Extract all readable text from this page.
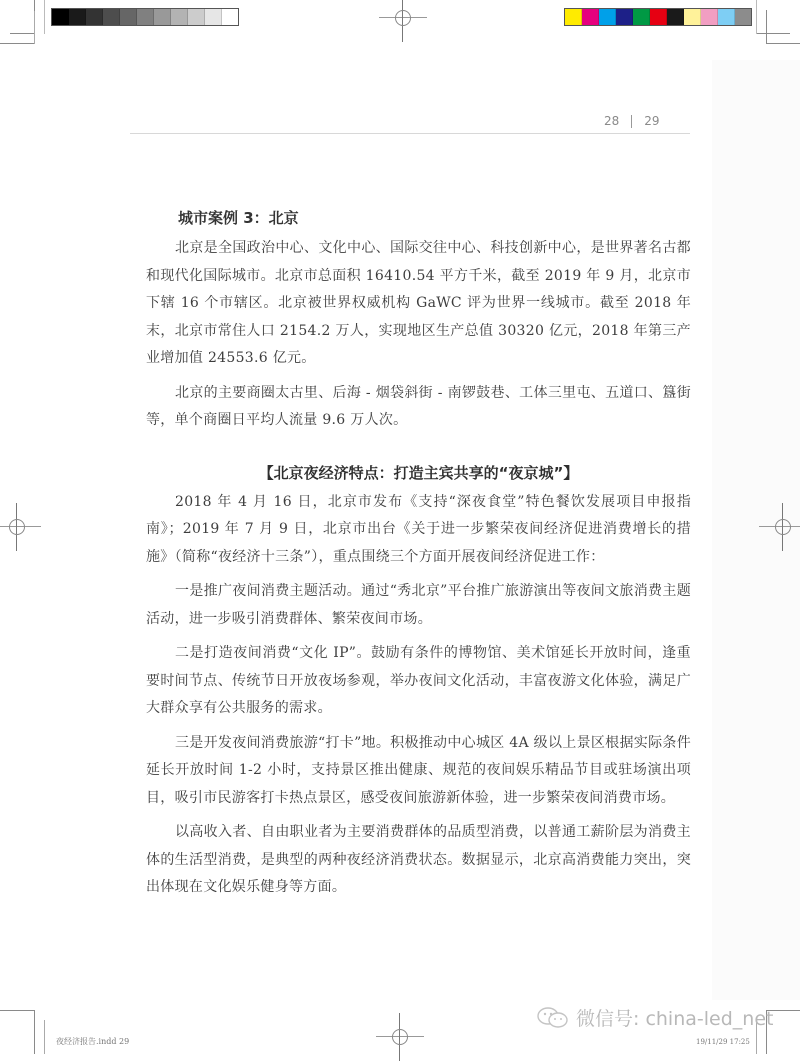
28 29
城市案例 3：北京

北京是全国政治中心、文化中心、国际交往中心、科技创新中心，是世界著名古都和现代化国际城市。北京市总面积 16410.54 平方千米，截至 2019 年 9 月，北京市下辖 16 个市辖区。北京被世界权威机构 GaWC 评为世界一线城市。截至 2018 年末，北京市常住人口 2154.2 万人，实现地区生产总值 30320 亿元，2018 年第三产业增加值 24553.6 亿元。

北京的主要商圈太古里、后海 - 烟袋斜街 - 南锣鼓巷、工体三里屯、五道口、簋街等，单个商圈日平均人流量 9.6 万人次。

【北京夜经济特点：打造主宾共享的“夜京城”】

2018 年 4 月 16 日，北京市发布《支持“深夜食堂”特色餐饮发展项目申报指南》；2019 年 7 月 9 日，北京市出台《关于进一步繁荣夜间经济促进消费增长的措施》（简称“夜经济十三条”），重点围绕三个方面开展夜间经济促进工作：

一是推广夜间消费主题活动。通过“秀北京”平台推广旅游演出等夜间文旅消费主题活动，进一步吸引消费群体、繁荣夜间市场。

二是打造夜间消费“文化 IP”。鼓励有条件的博物馆、美术馆延长开放时间，逢重要时间节点、传统节日开放夜场参观，举办夜间文化活动，丰富夜游文化体验，满足广大群众享有公共服务的需求。

三是开发夜间消费旅游“打卡”地。积极推动中心城区 4A 级以上景区根据实际条件延长开放时间 1-2 小时，支持景区推出健康、规范的夜间娱乐精品节目或驻场演出项目，吸引市民游客打卡热点景区，感受夜间旅游新体验，进一步繁荣夜间消费市场。

以高收入者、自由职业者为主要消费群体的品质型消费，以普通工薪阶层为消费主体的生活型消费，是典型的两种夜经济消费状态。数据显示，北京高消费能力突出，突出体现在文化娱乐健身等方面。

微信号: china-led_net
夜经济报告.indd 29	19/11/29 17:25
